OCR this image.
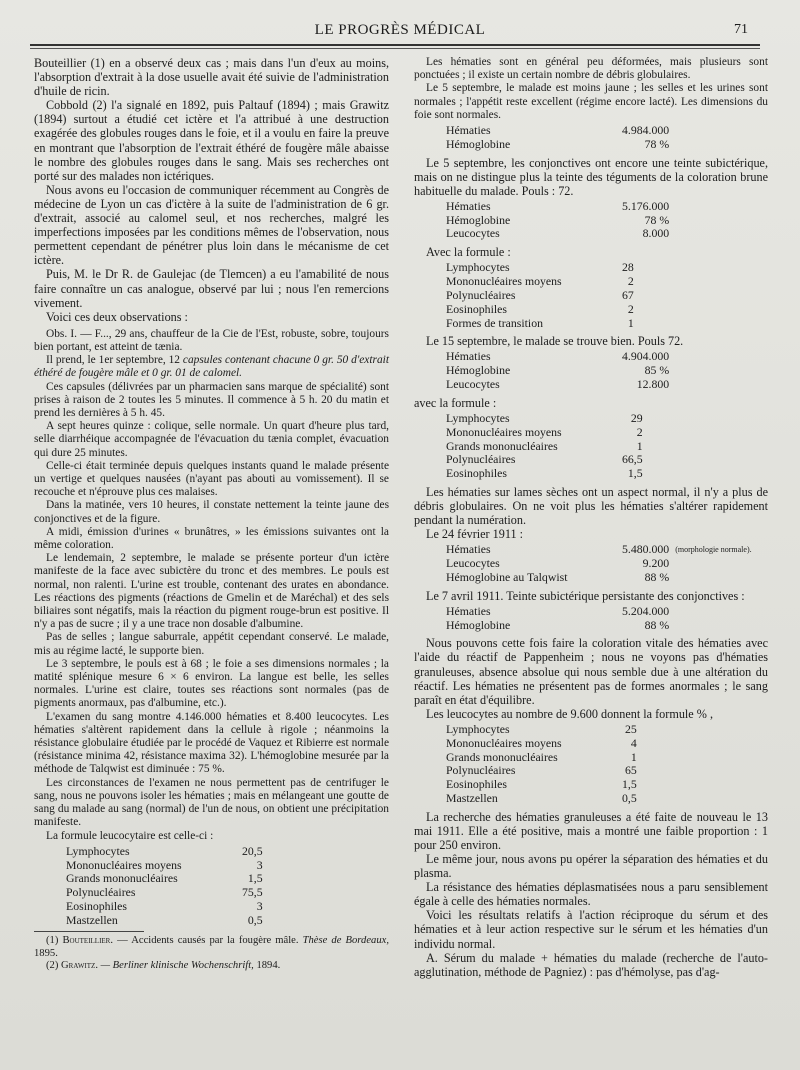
LE PROGRÈS MÉDICAL	71

Bouteillier (1) en a observé deux cas ; mais dans l'un d'eux au moins, l'absorption d'extrait à la dose usuelle avait été suivie de l'administration d'huile de ricin.

Cobbold (2) l'a signalé en 1892, puis Paltauf (1894) ; mais Grawitz (1894) surtout a étudié cet ictère et l'a attribué à une destruction exagérée des globules rouges dans le foie, et il a voulu en faire la preuve en montrant que l'absorption de l'extrait éthéré de fougère mâle abaisse le nombre des globules rouges dans le sang. Mais ses recherches ont porté sur des malades non ictériques.

Nous avons eu l'occasion de communiquer récemment au Congrès de médecine de Lyon un cas d'ictère à la suite de l'administration de 6 gr. d'extrait, associé au calomel seul, et nos recherches, malgré les imperfections imposées par les conditions mêmes de l'observation, nous permettent cependant de pénétrer plus loin dans le mécanisme de cet ictère.

Puis, M. le Dr R. de Gaulejac (de Tlemcen) a eu l'amabilité de nous faire connaître un cas analogue, observé par lui ; nous l'en remercions vivement.

Voici ces deux observations :

Obs. I. — F..., 29 ans, chauffeur de la Cie de l'Est, robuste, sobre, toujours bien portant, est atteint de tænia.

Il prend, le 1er septembre, 12 capsules contenant chacune 0 gr. 50 d'extrait éthéré de fougère mâle et 0 gr. 01 de calomel.

Ces capsules (délivrées par un pharmacien sans marque de spécialité) sont prises à raison de 2 toutes les 5 minutes. Il commence à 5 h. 20 du matin et prend les dernières à 5 h. 45.

A sept heures quinze : colique, selle normale. Un quart d'heure plus tard, selle diarrhéique accompagnée de l'évacuation du tænia complet, évacuation qui dure 25 minutes.

Celle-ci était terminée depuis quelques instants quand le malade présente un vertige et quelques nausées (n'ayant pas abouti au vomissement). Il se recouche et n'éprouve plus ces malaises.

Dans la matinée, vers 10 heures, il constate nettement la teinte jaune des conjonctives et de la figure.

A midi, émission d'urines « brunâtres, » les émissions suivantes ont la même coloration.

Le lendemain, 2 septembre, le malade se présente porteur d'un ictère manifeste de la face avec subictère du tronc et des membres. Le pouls est normal, non ralenti. L'urine est trouble, contenant des urates en abondance. Les réactions des pigments (réactions de Gmelin et de Maréchal) et des sels biliaires sont négatifs, mais la réaction du pigment rouge-brun est positive. Il n'y a pas de sucre ; il y a une trace non dosable d'albumine.

Pas de selles ; langue saburrale, appétit cependant conservé. Le malade, mis au régime lacté, le supporte bien.

Le 3 septembre, le pouls est à 68 ; le foie a ses dimensions normales ; la matité splénique mesure 6 × 6 environ. La langue est belle, les selles normales. L'urine est claire, toutes ses réactions sont normales (pas de pigments anormaux, pas d'albumine, etc.).

L'examen du sang montre 4.146.000 hématies et 8.400 leucocytes. Les hématies s'altèrent rapidement dans la cellule à rigole ; néanmoins la résistance globulaire étudiée par le procédé de Vaquez et Ribierre est normale (résistance minima 42, résistance maxima 32). L'hémoglobine mesurée par la méthode de Talqwist est diminuée : 75 %.

Les circonstances de l'examen ne nous permettent pas de centrifuger le sang, nous ne pouvons isoler les hématies ; mais en mélangeant une goutte de sang du malade au sang (normal) de l'un de nous, on obtient une précipitation manifeste.

La formule leucocytaire est celle-ci :

Lymphocytes	20,5
Mononucléaires moyens	3
Grands mononucléaires	1,5
Polynucléaires	75,5
Eosinophiles	3
Mastzellen	0,5

(1) Bouteillier. — Accidents causés par la fougère mâle. Thèse de Bordeaux, 1895.

(2) Grawitz. — Berliner klinische Wochenschrift, 1894.

Les hématies sont en général peu déformées, mais plusieurs sont ponctuées ; il existe un certain nombre de débris globulaires.

Le 5 septembre, le malade est moins jaune ; les selles et les urines sont normales ; l'appétit reste excellent (régime encore lacté). Les dimensions du foie sont normales.

Hématies	4.984.000
Hémoglobine	78 %

Le 5 septembre, les conjonctives ont encore une teinte subictérique, mais on ne distingue plus la teinte des téguments de la coloration brune habituelle du malade. Pouls : 72.

Hématies	5.176.000
Hémoglobine	78 %
Leucocytes	8.000

Avec la formule :

Lymphocytes	28
Mononucléaires moyens	2
Polynucléaires	67
Eosinophiles	2
Formes de transition	1

Le 15 septembre, le malade se trouve bien. Pouls 72.

Hématies	4.904.000
Hémoglobine	85 %
Leucocytes	12.800

avec la formule :

Lymphocytes	29
Mononucléaires moyens	2
Grands mononucléaires	1
Polynucléaires	66,5
Eosinophiles	1,5

Les hématies sur lames sèches ont un aspect normal, il n'y a plus de débris globulaires. On ne voit plus les hématies s'altérer rapidement pendant la numération.

Le 24 février 1911 :

Hématies	5.480.000	(morphologie normale).
Leucocytes	9.200	
Hémoglobine au Talqwist	88 %	

Le 7 avril 1911. Teinte subictérique persistante des conjonctives :

Hématies	5.204.000
Hémoglobine	88 %

Nous pouvons cette fois faire la coloration vitale des hématies avec l'aide du réactif de Pappenheim ; nous ne voyons pas d'hématies granuleuses, absence absolue qui nous semble due à une altération du réactif. Les hématies ne présentent pas de formes anormales ; le sang paraît en état d'équilibre.

Les leucocytes au nombre de 9.600 donnent la formule % ,

Lymphocytes	25
Mononucléaires moyens	4
Grands mononucléaires	1
Polynucléaires	65
Eosinophiles	1,5
Mastzellen	0,5

La recherche des hématies granuleuses a été faite de nouveau le 13 mai 1911. Elle a été positive, mais a montré une faible proportion : 1 pour 250 environ.

Le même jour, nous avons pu opérer la séparation des hématies et du plasma.

La résistance des hématies déplasmatisées nous a paru sensiblement égale à celle des hématies normales.

Voici les résultats relatifs à l'action réciproque du sérum et des hématies et à leur action respective sur le sérum et les hématies d'un individu normal.

A. Sérum du malade + hématies du malade (recherche de l'auto-agglutination, méthode de Pagniez) : pas d'hémolyse, pas d'ag-
